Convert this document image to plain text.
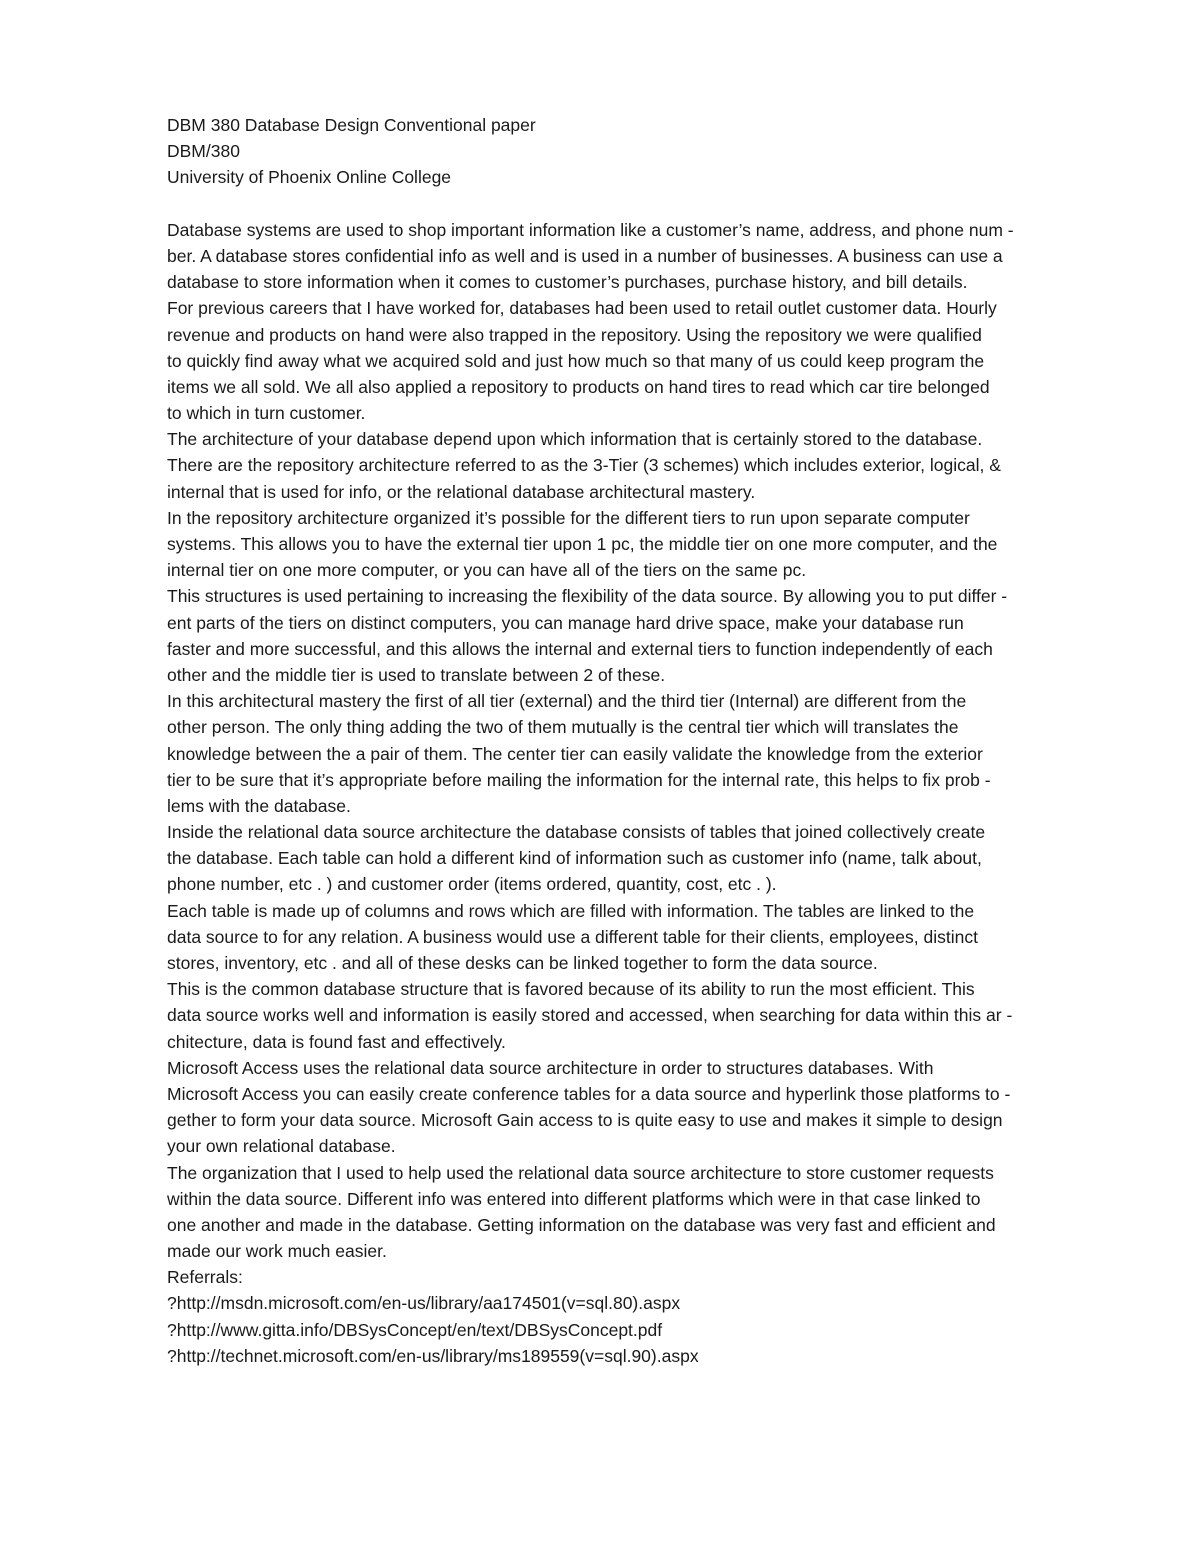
DBM 380 Database Design Conventional paper
DBM/380
University of Phoenix Online College
Database systems are used to shop important information like a customer’s name, address, and phone num -
ber. A database stores confidential info as well and is used in a number of businesses. A business can use a
database to store information when it comes to customer’s purchases, purchase history, and bill details.
For previous careers that I have worked for, databases had been used to retail outlet customer data. Hourly
revenue and products on hand were also trapped in the repository. Using the repository we were qualified
to quickly find away what we acquired sold and just how much so that many of us could keep program the
items we all sold. We all also applied a repository to products on hand tires to read which car tire belonged
to which in turn customer.
The architecture of your database depend upon which information that is certainly stored to the database.
There are the repository architecture referred to as the 3-Tier (3 schemes) which includes exterior, logical, &
internal that is used for info, or the relational database architectural mastery.
In the repository architecture organized it’s possible for the different tiers to run upon separate computer
systems. This allows you to have the external tier upon 1 pc, the middle tier on one more computer, and the
internal tier on one more computer, or you can have all of the tiers on the same pc.
This structures is used pertaining to increasing the flexibility of the data source. By allowing you to put differ -
ent parts of the tiers on distinct computers, you can manage hard drive space, make your database run
faster and more successful, and this allows the internal and external tiers to function independently of each
other and the middle tier is used to translate between 2 of these.
In this architectural mastery the first of all tier (external) and the third tier (Internal) are different from the
other person. The only thing adding the two of them mutually is the central tier which will translates the
knowledge between the a pair of them. The center tier can easily validate the knowledge from the exterior
tier to be sure that it’s appropriate before mailing the information for the internal rate, this helps to fix prob -
lems with the database.
Inside the relational data source architecture the database consists of tables that joined collectively create
the database. Each table can hold a different kind of information such as customer info (name, talk about,
phone number, etc . ) and customer order (items ordered, quantity, cost, etc . ).
Each table is made up of columns and rows which are filled with information. The tables are linked to the
data source to for any relation. A business would use a different table for their clients, employees, distinct
stores, inventory, etc . and all of these desks can be linked together to form the data source.
This is the common database structure that is favored because of its ability to run the most efficient. This
data source works well and information is easily stored and accessed, when searching for data within this ar -
chitecture, data is found fast and effectively.
Microsoft Access uses the relational data source architecture in order to structures databases. With
Microsoft Access you can easily create conference tables for a data source and hyperlink those platforms to -
gether to form your data source. Microsoft Gain access to is quite easy to use and makes it simple to design
your own relational database.
The organization that I used to help used the relational data source architecture to store customer requests
within the data source. Different info was entered into different platforms which were in that case linked to
one another and made in the database. Getting information on the database was very fast and efficient and
made our work much easier.
Referrals:
?http://msdn.microsoft.com/en-us/library/aa174501(v=sql.80).aspx
?http://www.gitta.info/DBSysConcept/en/text/DBSysConcept.pdf
?http://technet.microsoft.com/en-us/library/ms189559(v=sql.90).aspx
